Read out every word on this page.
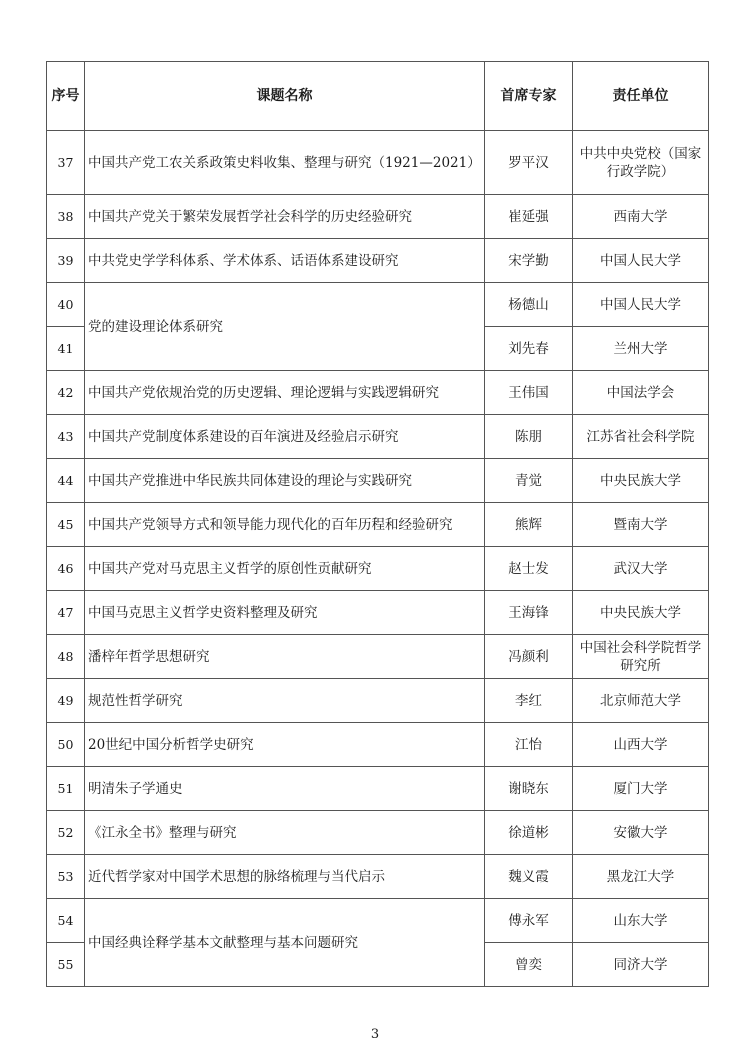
序号	课题名称	首席专家	责任单位
37	中国共产党工农关系政策史料收集、整理与研究（1921—2021）	罗平汉	中共中央党校（国家行政学院）
38	中国共产党关于繁荣发展哲学社会科学的历史经验研究	崔延强	西南大学
39	中共党史学学科体系、学术体系、话语体系建设研究	宋学勤	中国人民大学
40	党的建设理论体系研究	杨德山	中国人民大学
41		刘先春	兰州大学
42	中国共产党依规治党的历史逻辑、理论逻辑与实践逻辑研究	王伟国	中国法学会
43	中国共产党制度体系建设的百年演进及经验启示研究	陈朋	江苏省社会科学院
44	中国共产党推进中华民族共同体建设的理论与实践研究	青觉	中央民族大学
45	中国共产党领导方式和领导能力现代化的百年历程和经验研究	熊辉	暨南大学
46	中国共产党对马克思主义哲学的原创性贡献研究	赵士发	武汉大学
47	中国马克思主义哲学史资料整理及研究	王海锋	中央民族大学
48	潘梓年哲学思想研究	冯颜利	中国社会科学院哲学研究所
49	规范性哲学研究	李红	北京师范大学
50	20世纪中国分析哲学史研究	江怡	山西大学
51	明清朱子学通史	谢晓东	厦门大学
52	《江永全书》整理与研究	徐道彬	安徽大学
53	近代哲学家对中国学术思想的脉络梳理与当代启示	魏义霞	黑龙江大学
54	中国经典诠释学基本文献整理与基本问题研究	傅永军	山东大学
55		曾奕	同济大学
3
